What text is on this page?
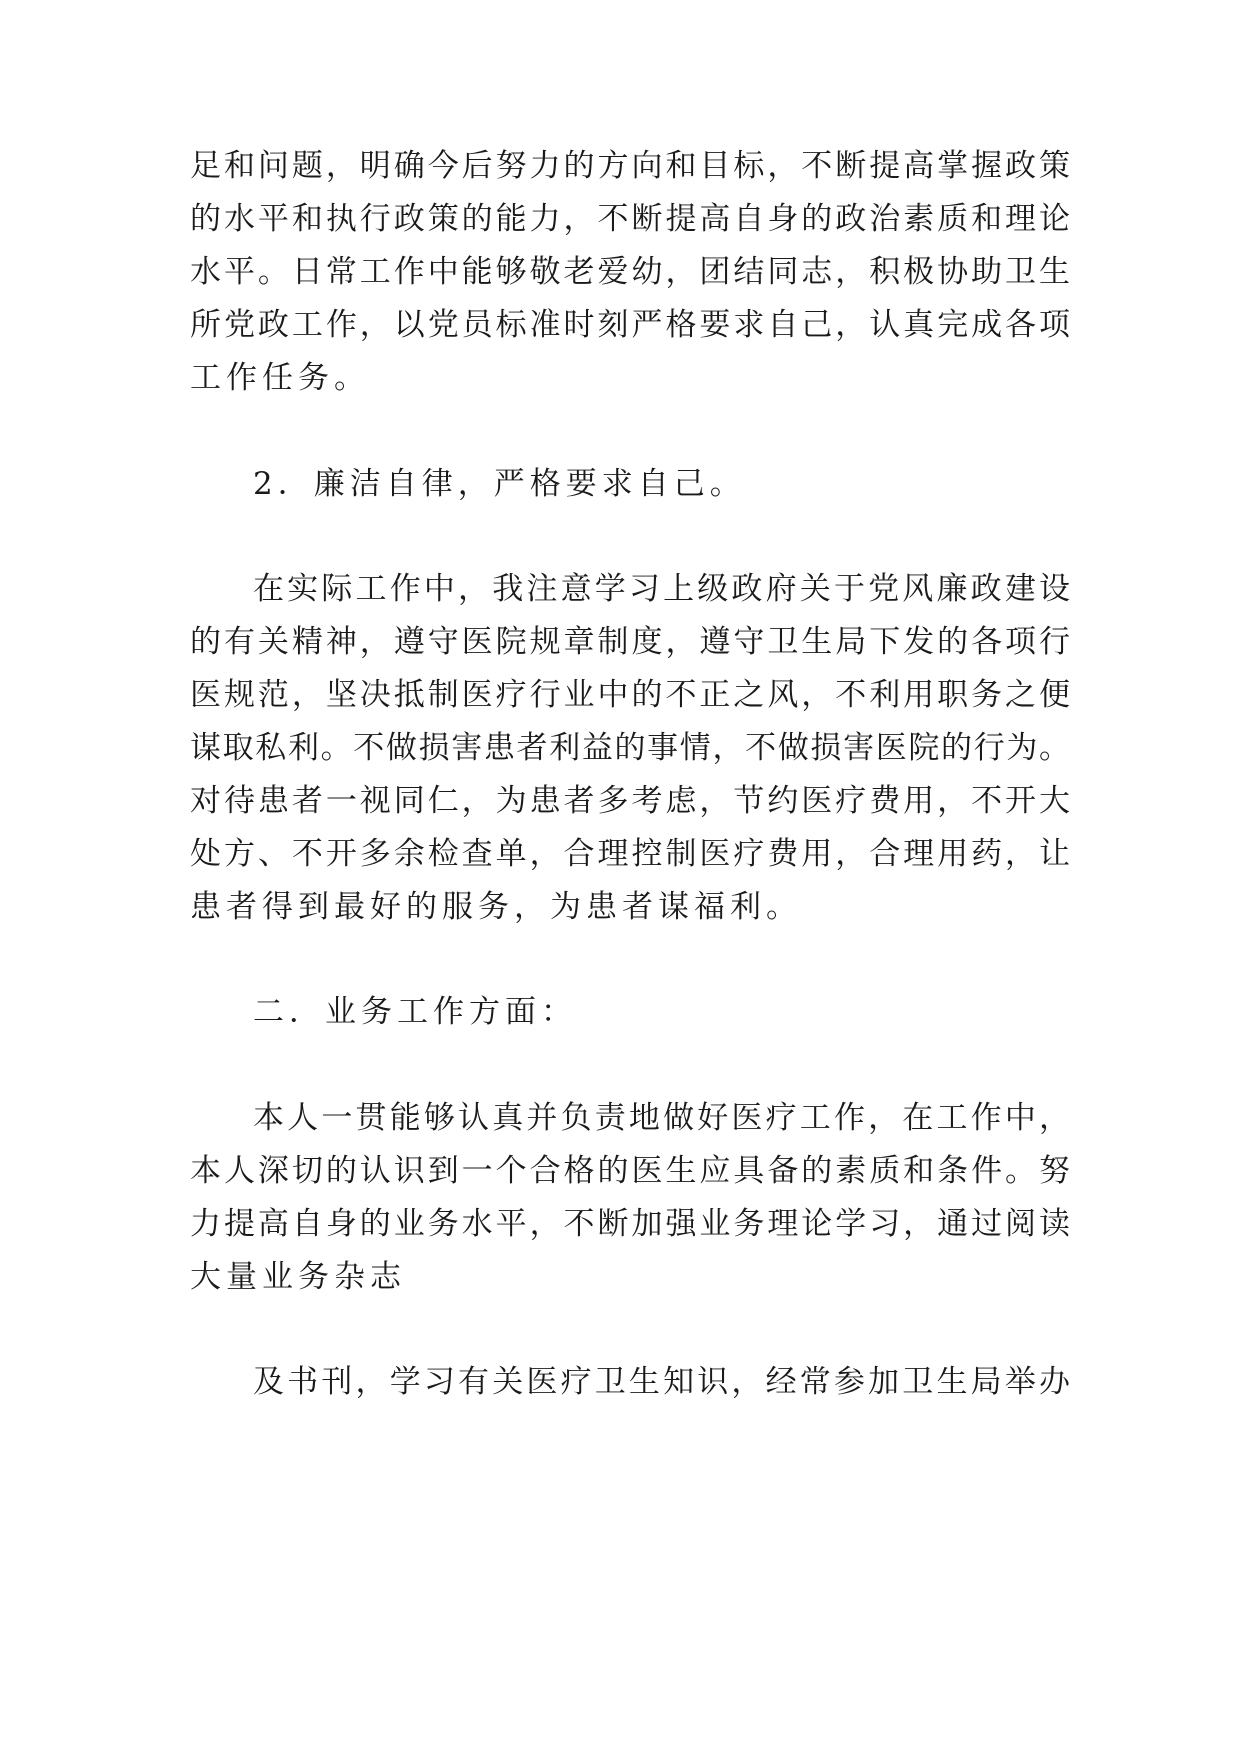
足和问题，明确今后努力的方向和目标，不断提高掌握政策

的水平和执行政策的能力，不断提高自身的政治素质和理论

水平。日常工作中能够敬老爱幼，团结同志，积极协助卫生

所党政工作，以党员标准时刻严格要求自己，认真完成各项

工作任务。

2．廉洁自律，严格要求自己。

在实际工作中，我注意学习上级政府关于党风廉政建设

的有关精神，遵守医院规章制度，遵守卫生局下发的各项行

医规范，坚决抵制医疗行业中的不正之风，不利用职务之便

谋取私利。不做损害患者利益的事情，不做损害医院的行为。

对待患者一视同仁，为患者多考虑，节约医疗费用，不开大

处方、不开多余检查单，合理控制医疗费用，合理用药，让

患者得到最好的服务，为患者谋福利。

二．业务工作方面：

本人一贯能够认真并负责地做好医疗工作，在工作中，

本人深切的认识到一个合格的医生应具备的素质和条件。努

力提高自身的业务水平，不断加强业务理论学习，通过阅读

大量业务杂志

及书刊，学习有关医疗卫生知识，经常参加卫生局举办
